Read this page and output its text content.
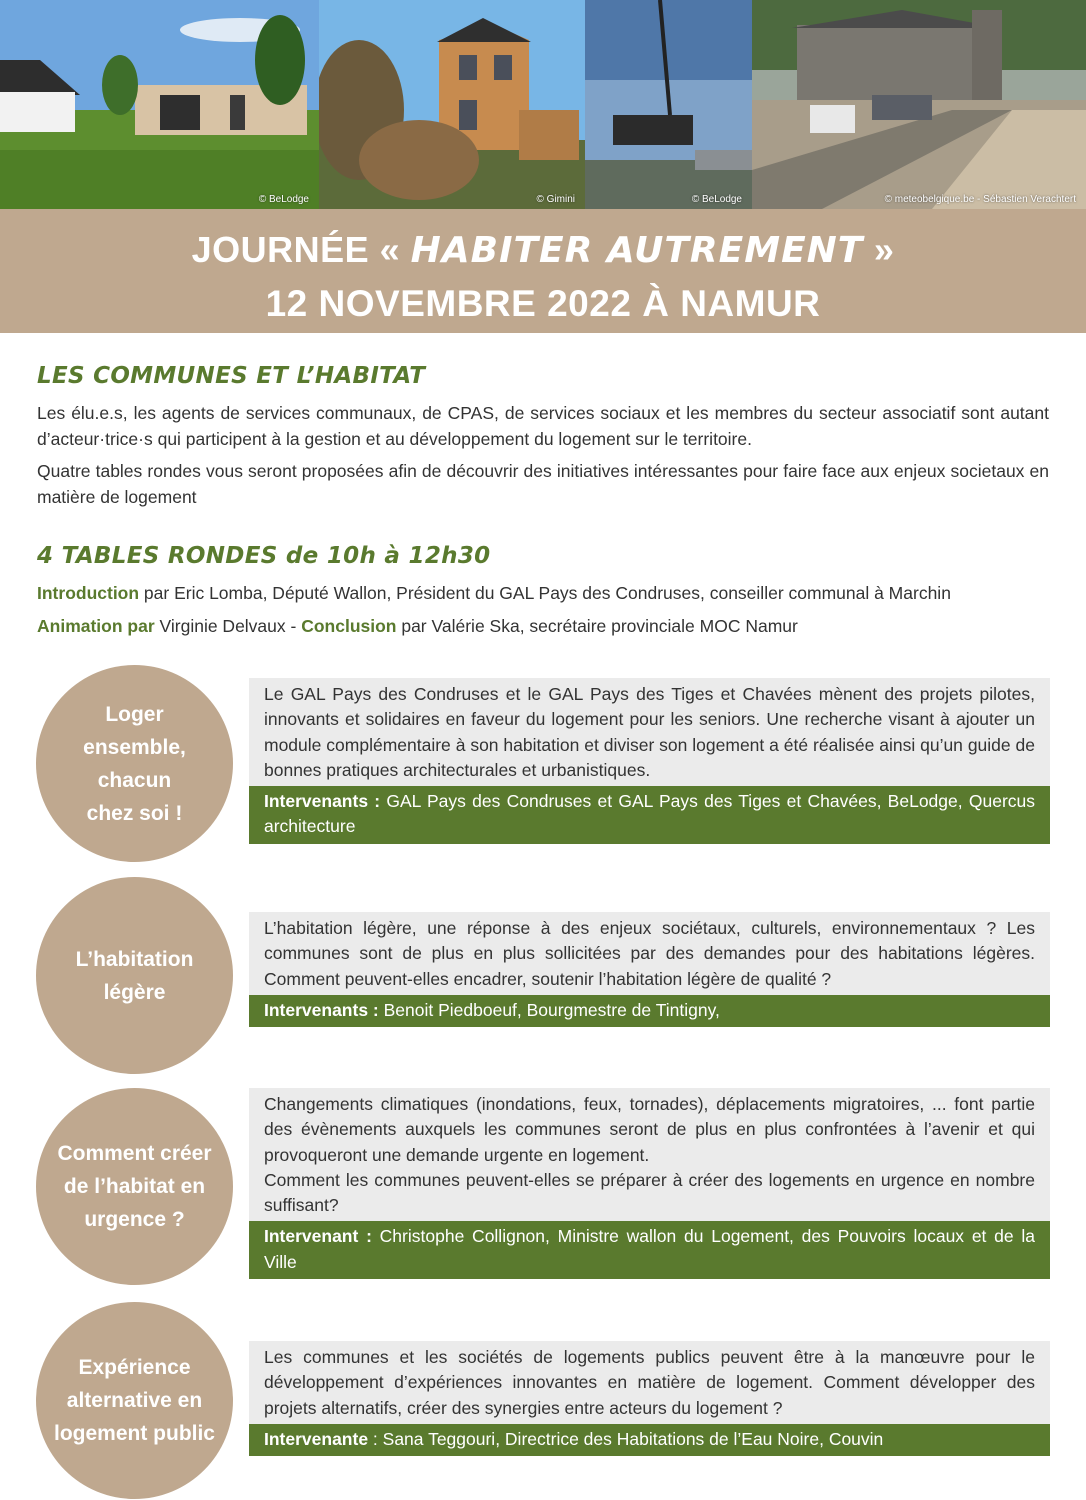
© BeLodge	© Gimini	© BeLodge	© meteobelgique.be - Sébastien Verachtert
JOURNÉE « HABITER AUTREMENT »
12 NOVEMBRE 2022 À NAMUR
LES COMMUNES ET L’HABITAT
Les élu.e.s, les agents de services communaux, de CPAS, de services sociaux et les membres du secteur associatif sont autant d’acteur·trice·s qui participent à la gestion et au développement du logement sur le territoire.
Quatre tables rondes vous seront proposées afin de découvrir des initiatives intéressantes pour faire face aux enjeux societaux en matière de logement
4 TABLES RONDES de 10h à 12h30
Introduction par Eric Lomba, Député Wallon, Président du GAL Pays des Condruses, conseiller communal à Marchin
Animation par Virginie Delvaux - Conclusion par Valérie Ska, secrétaire provinciale MOC Namur
Loger ensemble, chacun chez soi !
Le GAL Pays des Condruses et le GAL Pays des Tiges et Chavées mènent des projets pilotes, innovants et solidaires en faveur du logement pour les seniors. Une recherche visant à ajouter un module complémentaire à son habitation et diviser son logement a été réalisée ainsi qu’un guide de bonnes pratiques architecturales et urbanistiques.
Intervenants : GAL Pays des Condruses et GAL Pays des Tiges et Chavées, BeLodge, Quercus architecture
L’habitation légère
L’habitation légère, une réponse à des enjeux sociétaux, culturels, environnementaux ? Les communes sont de plus en plus sollicitées par des demandes pour des habitations légères. Comment peuvent-elles encadrer, soutenir l’habitation légère de qualité ?
Intervenants : Benoit Piedboeuf, Bourgmestre de Tintigny,
Comment créer de l’habitat en urgence ?
Changements climatiques (inondations, feux, tornades), déplacements migratoires, ... font partie des évènements auxquels les communes seront de plus en plus confrontées à l’avenir et qui provoqueront une demande urgente en logement.
Comment les communes peuvent-elles se préparer à créer des logements en urgence en nombre suffisant?
Intervenant : Christophe Collignon, Ministre wallon du Logement, des Pouvoirs locaux et de la Ville
Expérience alternative en logement public
Les communes et les sociétés de logements publics peuvent être à la manœuvre pour le développement d’expériences innovantes en matière de logement. Comment développer des projets alternatifs, créer des synergies entre acteurs du logement ?
Intervenante : Sana Teggouri, Directrice des Habitations de l’Eau Noire, Couvin
